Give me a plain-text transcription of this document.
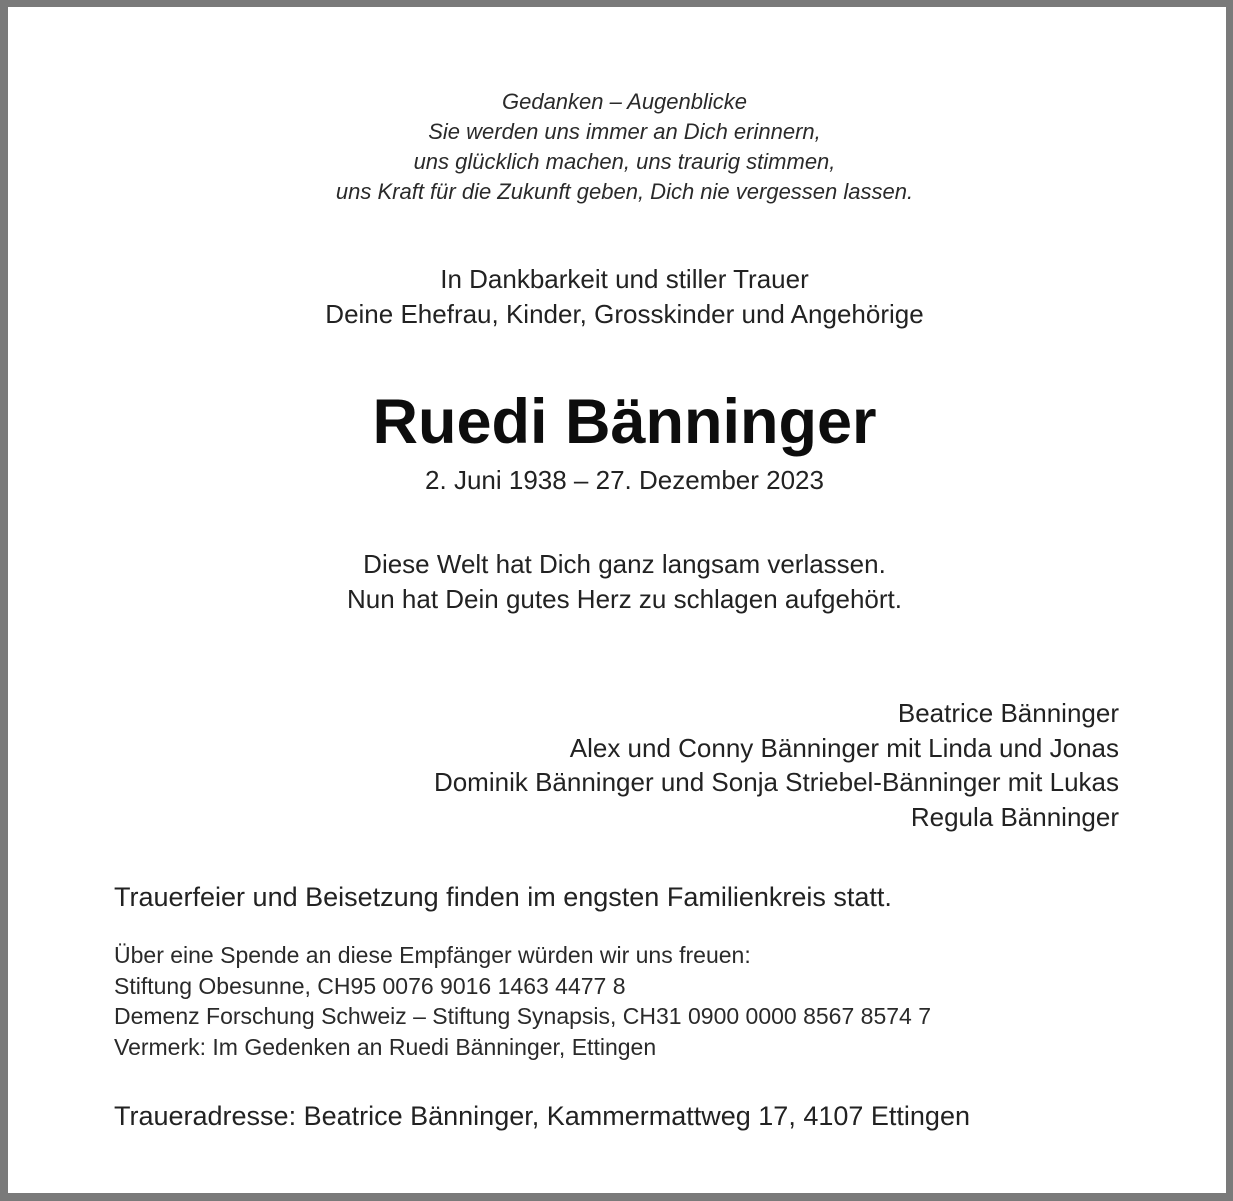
Gedanken – Augenblicke
Sie werden uns immer an Dich erinnern,
uns glücklich machen, uns traurig stimmen,
uns Kraft für die Zukunft geben, Dich nie vergessen lassen.
In Dankbarkeit und stiller Trauer
Deine Ehefrau, Kinder, Grosskinder und Angehörige
Ruedi Bänninger
2. Juni 1938 – 27. Dezember 2023
Diese Welt hat Dich ganz langsam verlassen.
Nun hat Dein gutes Herz zu schlagen aufgehört.
Beatrice Bänninger
Alex und Conny Bänninger mit Linda und Jonas
Dominik Bänninger und Sonja Striebel-Bänninger mit Lukas
Regula Bänninger
Trauerfeier und Beisetzung finden im engsten Familienkreis statt.
Über eine Spende an diese Empfänger würden wir uns freuen:
Stiftung Obesunne, CH95 0076 9016 1463 4477 8
Demenz Forschung Schweiz – Stiftung Synapsis, CH31 0900 0000 8567 8574 7
Vermerk: Im Gedenken an Ruedi Bänninger, Ettingen
Traueradresse: Beatrice Bänninger, Kammermattweg 17, 4107 Ettingen
